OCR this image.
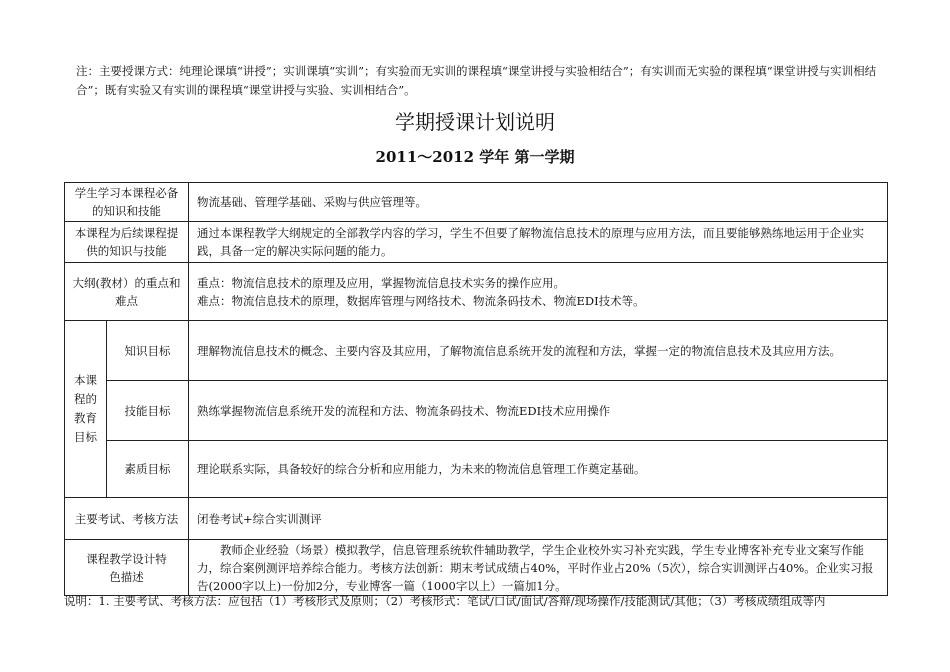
注：主要授课方式：纯理论课填“讲授”；实训课填“实训”；有实验而无实训的课程填“课堂讲授与实验相结合”；有实训而无实验的课程填“课堂讲授与实训相结合”；既有实验又有实训的课程填“课堂讲授与实验、实训相结合”。
学期授课计划说明
2011～2012 学年 第一学期
学生学习本课程必备的知识和技能		物流基础、管理学基础、采购与供应管理等。
本课程为后续课程提供的知识与技能		通过本课程教学大纲规定的全部教学内容的学习，学生不但要了解物流信息技术的原理与应用方法，而且要能够熟练地运用于企业实践，具备一定的解决实际问题的能力。
大纲(教材）的重点和难点		重点：物流信息技术的原理及应用，掌握物流信息技术实务的操作应用。
难点：物流信息技术的原理，数据库管理与网络技术、物流条码技术、物流EDI技术等。

本课程的教育目标	知识目标	理解物流信息技术的概念、主要内容及其应用，了解物流信息系统开发的流程和方法，掌握一定的物流信息技术及其应用方法。
	技能目标	熟练掌握物流信息系统开发的流程和方法、物流条码技术、物流EDI技术应用操作
	素质目标	理论联系实际，具备较好的综合分析和应用能力，为未来的物流信息管理工作奠定基础。
主要考试、考核方法		闭卷考试+综合实训测评
课程教学设计特色描述		教师企业经验（场景）模拟教学，信息管理系统软件辅助教学，学生企业校外实习补充实践，学生专业博客补充专业文案写作能力，综合案例测评培养综合能力。考核方法创新：期末考试成绩占40%，平时作业占20%（5次），综合实训测评占40%。企业实习报告(2000字以上)一份加2分，专业博客一篇（1000字以上）一篇加1分。
说明：1. 主要考试、考核方法：应包括（1）考核形式及原则；（2）考核形式：笔试/口试/面试/答辩/现场操作/技能测试/其他；（3）考核成绩组成等内
